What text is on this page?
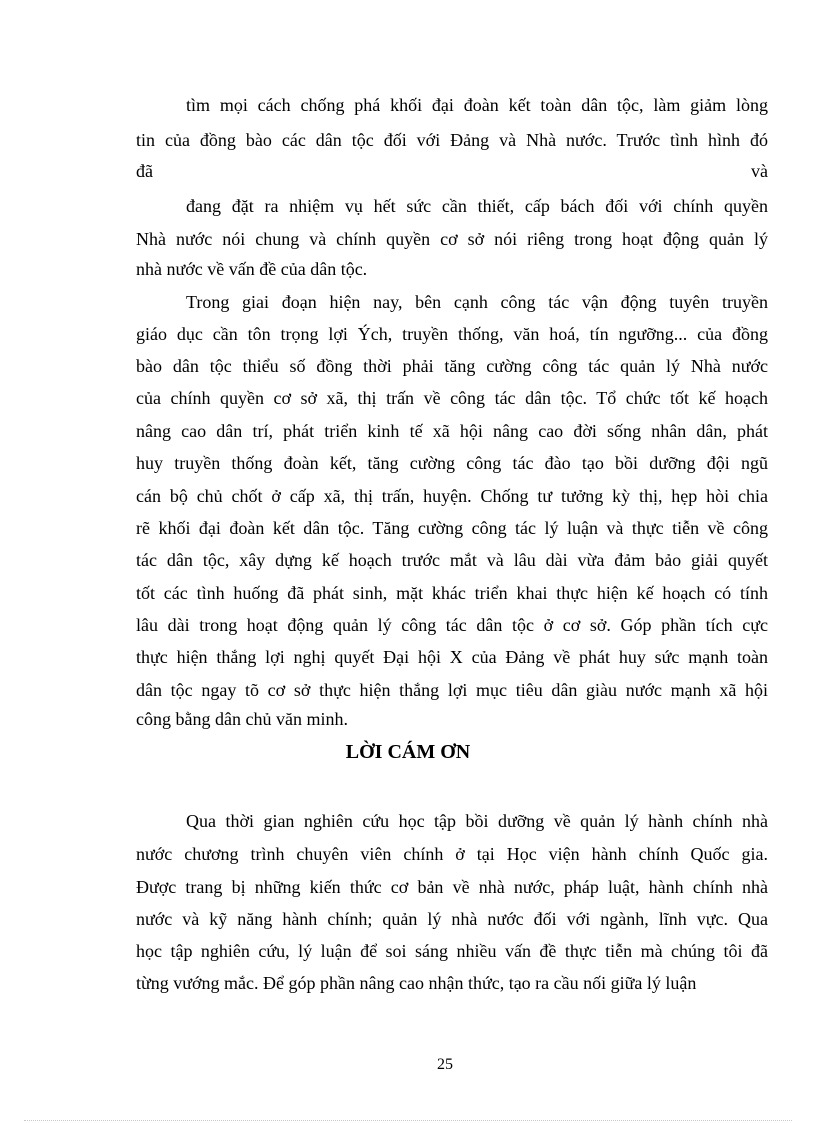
tìm mọi cách chống phá khối đại đoàn kết toàn dân tộc, làm giảm lòng
tin của đồng bào các dân tộc đối với Đảng và Nhà nước. Trước tình hình đó
đã	và
đang đặt ra nhiệm vụ hết sức cần thiết, cấp bách đối với chính quyền
Nhà nước nói chung và chính quyền cơ sở nói riêng trong hoạt động quản lý
nhà nước về vấn đề của dân tộc.
Trong giai đoạn hiện nay, bên cạnh công tác vận động tuyên truyền
giáo dục cần tôn trọng lợi Ých, truyền thống, văn hoá, tín ngưỡng... của đồng
bào dân tộc thiểu số đồng thời phải tăng cường công tác quản lý Nhà nước
của chính quyền cơ sở xã, thị trấn về công tác dân tộc. Tổ chức tốt kế hoạch
nâng cao dân trí, phát triển kinh tế xã hội nâng cao đời sống nhân dân, phát
huy truyền thống đoàn kết, tăng cường công tác đào tạo bồi dưỡng đội ngũ
cán bộ chủ chốt ở cấp xã, thị trấn, huyện. Chống tư tưởng kỳ thị, hẹp hòi chia
rẽ khối đại đoàn kết dân tộc. Tăng cường công tác lý luận và thực tiễn về công
tác dân tộc, xây dựng kế hoạch trước mắt và lâu dài vừa đảm bảo giải quyết
tốt các tình huống đã phát sinh, mặt khác triển khai thực hiện kế hoạch có tính
lâu dài trong hoạt động quản lý công tác dân tộc ở cơ sở. Góp phần tích cực
thực hiện thắng lợi nghị quyết Đại hội X của Đảng về phát huy sức mạnh toàn
dân tộc ngay tõ cơ sở thực hiện thắng lợi mục tiêu dân giàu nước mạnh xã hội
công bằng dân chủ văn minh.
LỜI CÁM ƠN
Qua thời gian nghiên cứu học tập bồi dưỡng về quản lý hành chính nhà
nước chương trình chuyên viên chính ở tại Học viện hành chính Quốc gia.
Được trang bị những kiến thức cơ bản về nhà nước, pháp luật, hành chính nhà
nước và kỹ năng hành chính; quản lý nhà nước đối với ngành, lĩnh vực. Qua
học tập nghiên cứu, lý luận để soi sáng nhiều vấn đề thực tiễn mà chúng tôi đã
từng vướng mắc. Để góp phần nâng cao nhận thức, tạo ra cầu nối giữa lý luận
25
